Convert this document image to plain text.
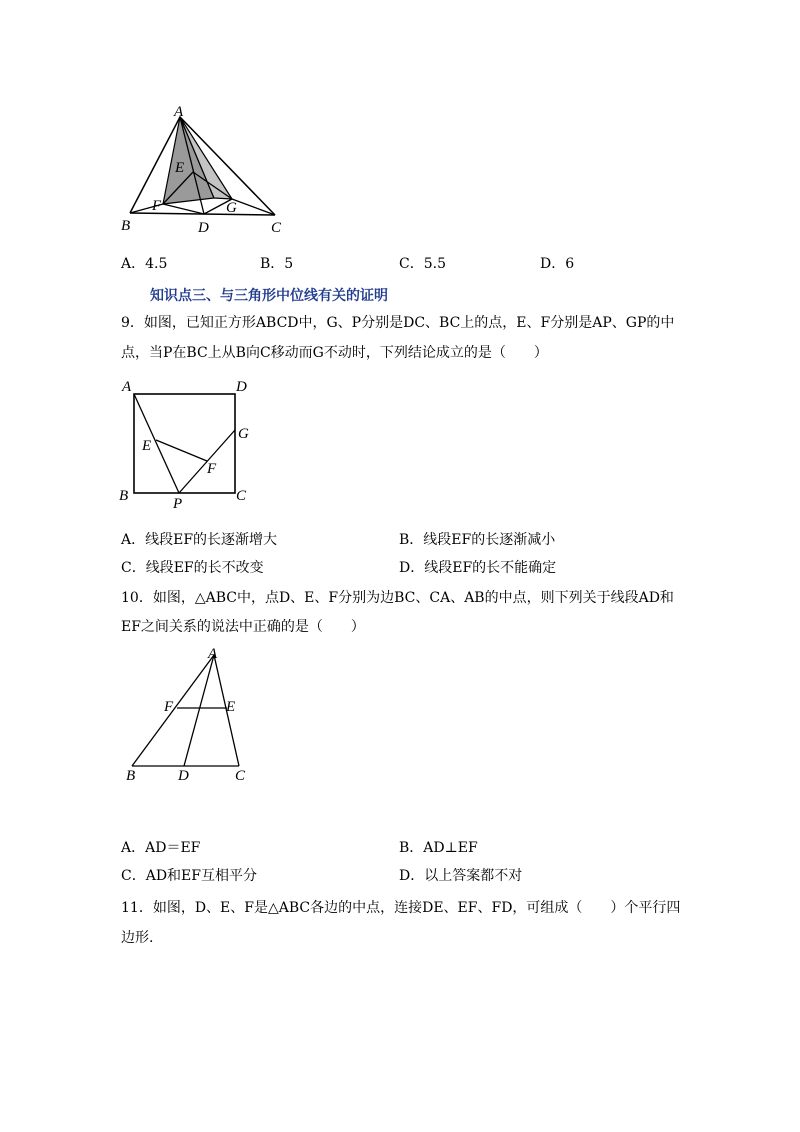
A
B	C
D
E
F	G
A．4.5	B．5	C．5.5	D．6
知识点三、与三角形中位线有关的证明
9．如图，已知正方形ABCD中，G、P分别是DC、BC上的点，E、F分别是AP、GP的中
点，当P在BC上从B向C移动而G不动时，下列结论成立的是（　　）
A	D
B	C
E
F
G
P
A．线段EF的长逐渐增大	B．线段EF的长逐渐减小
C．线段EF的长不改变	D．线段EF的长不能确定
10．如图，△ABC中，点D、E、F分别为边BC、CA、AB的中点，则下列关于线段AD和
EF之间关系的说法中正确的是（　　）
A
B	C
D
E
F
A．AD＝EF	B．AD⊥EF
C．AD和EF互相平分	D．以上答案都不对
11．如图，D、E、F是△ABC各边的中点，连接DE、EF、FD，可组成（　　）个平行四
边形.
